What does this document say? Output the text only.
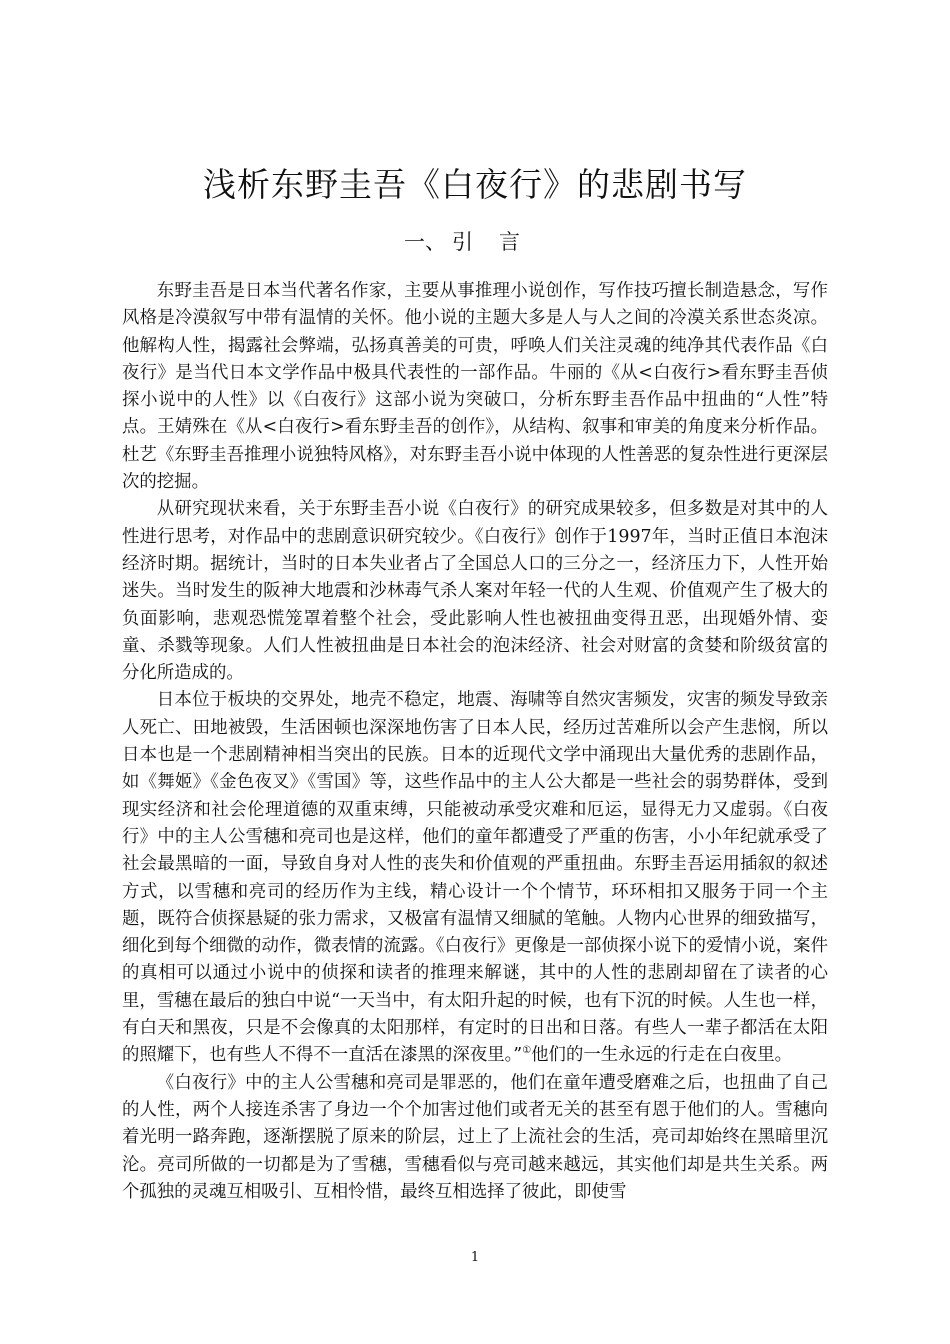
浅析东野圭吾《白夜行》的悲剧书写
一、 引言

东野圭吾是日本当代著名作家，主要从事推理小说创作，写作技巧擅长制造悬念，写作风格是冷漠叙写中带有温情的关怀。他小说的主题大多是人与人之间的冷漠关系世态炎凉。他解构人性，揭露社会弊端，弘扬真善美的可贵，呼唤人们关注灵魂的纯净其代表作品《白夜行》是当代日本文学作品中极具代表性的一部作品。牛丽的《从<白夜行>看东野圭吾侦探小说中的人性》以《白夜行》这部小说为突破口，分析东野圭吾作品中扭曲的“人性”特点。王婧殊在《从<白夜行>看东野圭吾的创作》，从结构、叙事和审美的角度来分析作品。杜艺《东野圭吾推理小说独特风格》，对东野圭吾小说中体现的人性善恶的复杂性进行更深层次的挖掘。

从研究现状来看，关于东野圭吾小说《白夜行》的研究成果较多，但多数是对其中的人性进行思考，对作品中的悲剧意识研究较少。《白夜行》创作于1997年，当时正值日本泡沫经济时期。据统计，当时的日本失业者占了全国总人口的三分之一，经济压力下，人性开始迷失。当时发生的阪神大地震和沙林毒气杀人案对年轻一代的人生观、价值观产生了极大的负面影响，悲观恐慌笼罩着整个社会，受此影响人性也被扭曲变得丑恶，出现婚外情、娈童、杀戮等现象。人们人性被扭曲是日本社会的泡沫经济、社会对财富的贪婪和阶级贫富的分化所造成的。

日本位于板块的交界处，地壳不稳定，地震、海啸等自然灾害频发，灾害的频发导致亲人死亡、田地被毁，生活困顿也深深地伤害了日本人民，经历过苦难所以会产生悲悯，所以日本也是一个悲剧精神相当突出的民族。日本的近现代文学中涌现出大量优秀的悲剧作品，如《舞姬》《金色夜叉》《雪国》等，这些作品中的主人公大都是一些社会的弱势群体，受到现实经济和社会伦理道德的双重束缚，只能被动承受灾难和厄运，显得无力又虚弱。《白夜行》中的主人公雪穗和亮司也是这样，他们的童年都遭受了严重的伤害，小小年纪就承受了社会最黑暗的一面，导致自身对人性的丧失和价值观的严重扭曲。东野圭吾运用插叙的叙述方式，以雪穗和亮司的经历作为主线，精心设计一个个情节，环环相扣又服务于同一个主题，既符合侦探悬疑的张力需求，又极富有温情又细腻的笔触。人物内心世界的细致描写，细化到每个细微的动作，微表情的流露。《白夜行》更像是一部侦探小说下的爱情小说，案件的真相可以通过小说中的侦探和读者的推理来解谜，其中的人性的悲剧却留在了读者的心里，雪穗在最后的独白中说“一天当中，有太阳升起的时候，也有下沉的时候。人生也一样，有白天和黑夜，只是不会像真的太阳那样，有定时的日出和日落。有些人一辈子都活在太阳的照耀下，也有些人不得不一直活在漆黑的深夜里。”①他们的一生永远的行走在白夜里。

《白夜行》中的主人公雪穗和亮司是罪恶的，他们在童年遭受磨难之后，也扭曲了自己的人性，两个人接连杀害了身边一个个加害过他们或者无关的甚至有恩于他们的人。雪穗向着光明一路奔跑，逐渐摆脱了原来的阶层，过上了上流社会的生活，亮司却始终在黑暗里沉沦。亮司所做的一切都是为了雪穗，雪穗看似与亮司越来越远，其实他们却是共生关系。两个孤独的灵魂互相吸引、互相怜惜，最终互相选择了彼此，即使雪

1
